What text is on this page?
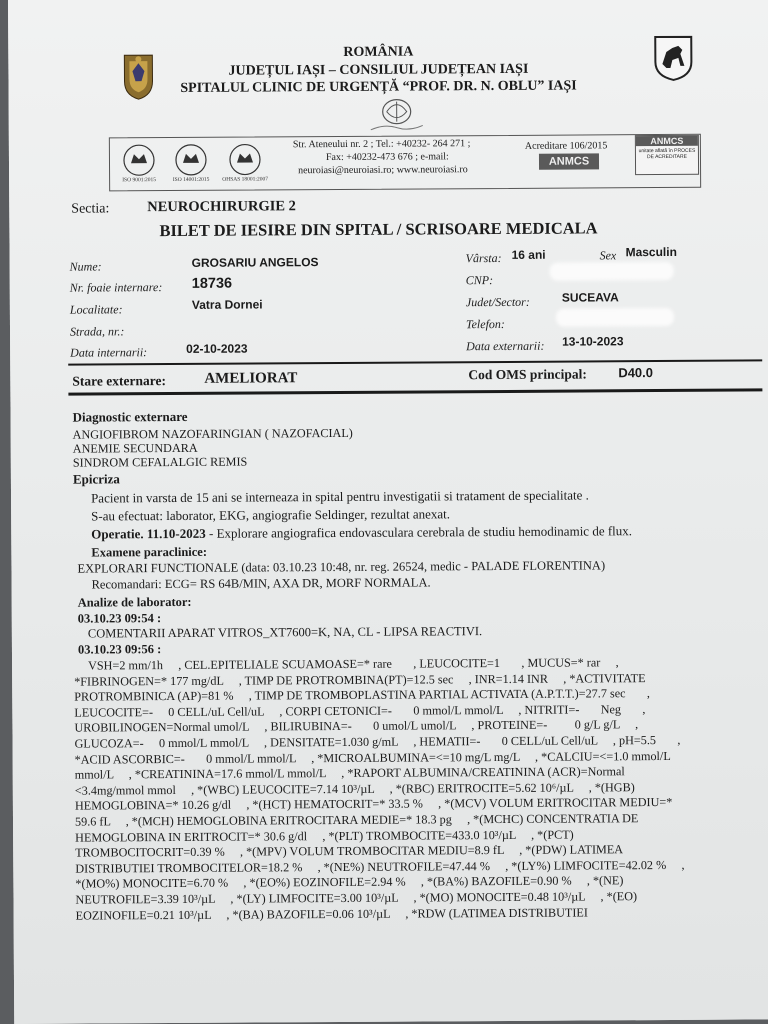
ROMÂNIA
JUDEȚUL IAȘI – CONSILIUL JUDEȚEAN IAȘI
SPITALUL CLINIC DE URGENȚĂ “PROF. DR. N. OBLU” IAȘI
ISO 9001:2015	ISO 14001:2015	OHSAS 18001:2007
Str. Ateneului nr. 2 ; Tel.: +40232- 264 271 ;
Fax: +40232-473 676 ; e-mail:
neuroiasi@neuroiasi.ro; www.neuroiasi.ro
Acreditare 106/2015
ANMCS
ANMCS
unitate aflată în PROCES DE ACREDITARE
Sectia:	NEUROCHIRURGIE 2
BILET DE IESIRE DIN SPITAL / SCRISOARE MEDICALA
Nume:	GROSARIU ANGELOS
Nr. foaie internare: 18736
Localitate:	Vatra Dornei
Strada, nr.:
Data internarii:	02-10-2023
Vârsta: 16 ani	Sex Masculin
CNP:
Judet/Sector:	SUCEAVA
Telefon:
Data externarii: 13-10-2023
Stare externare:	AMELIORAT	Cod OMS principal: D40.0
Diagnostic externare
ANGIOFIBROM NAZOFARINGIAN ( NAZOFACIAL)
ANEMIE SECUNDARA
SINDROM CEFALALGIC REMIS
Epicriza
Pacient in varsta de 15 ani se interneaza in spital pentru investigatii si tratament de specialitate .
S-au efectuat: laborator, EKG, angiografie Seldinger, rezultat anexat.
Operatie. 11.10-2023 - Explorare angiografica endovasculara cerebrala de studiu hemodinamic de flux.
Examene paraclinice:
EXPLORARI FUNCTIONALE (data: 03.10.23 10:48, nr. reg. 26524, medic - PALADE FLORENTINA)
Recomandari: ECG= RS 64B/MIN, AXA DR, MORF NORMALA.
Analize de laborator:
03.10.23 09:54 :
COMENTARII APARAT VITROS_XT7600=K, NA, CL - LIPSA REACTIVI.
03.10.23 09:56 :
VSH=2 mm/1h     , CEL.EPITELIALE SCUAMOASE=* rare       , LEUCOCITE=1       , MUCUS=* rar     ,
*FIBRINOGEN=* 177 mg/dL     , TIMP DE PROTROMBINA(PT)=12.5 sec     , INR=1.14 INR     , *ACTIVITATE
PROTROMBINICA (AP)=81 %     , TIMP DE TROMBOPLASTINA PARTIAL ACTIVATA (A.P.T.T.)=27.7 sec       ,
LEUCOCITE=-     0 CELL/uL Cell/uL     , CORPI CETONICI=-       0 mmol/L mmol/L     , NITRITI=-       Neg       ,
UROBILINOGEN=Normal umol/L     , BILIRUBINA=-       0 umol/L umol/L     , PROTEINE=-         0 g/L g/L     ,
GLUCOZA=-     0 mmol/L mmol/L     , DENSITATE=1.030 g/mL     , HEMATII=-       0 CELL/uL Cell/uL     , pH=5.5       ,
*ACID ASCORBIC=-       0 mmol/L mmol/L     , *MICROALBUMINA=<=10 mg/L mg/L     , *CALCIU=<=1.0 mmol/L
mmol/L     , *CREATININA=17.6 mmol/L mmol/L     , *RAPORT ALBUMINA/CREATININA (ACR)=Normal
<3.4mg/mmol mmol     , *(WBC) LEUCOCITE=7.14 10³/µL     , *(RBC) ERITROCITE=5.62 10⁶/µL     , *(HGB)
HEMOGLOBINA=* 10.26 g/dl     , *(HCT) HEMATOCRIT=* 33.5 %     , *(MCV) VOLUM ERITROCITAR MEDIU=*
59.6 fL     , *(MCH) HEMOGLOBINA ERITROCITARA MEDIE=* 18.3 pg     , *(MCHC) CONCENTRATIA DE
HEMOGLOBINA IN ERITROCIT=* 30.6 g/dl     , *(PLT) TROMBOCITE=433.0 10³/µL     , *(PCT)
TROMBOCITOCRIT=0.39 %     , *(MPV) VOLUM TROMBOCITAR MEDIU=8.9 fL     , *(PDW) LATIMEA
DISTRIBUTIEI TROMBOCITELOR=18.2 %     , *(NE%) NEUTROFILE=47.44 %     , *(LY%) LIMFOCITE=42.02 %     ,
*(MO%) MONOCITE=6.70 %     , *(EO%) EOZINOFILE=2.94 %     , *(BA%) BAZOFILE=0.90 %     , *(NE)
NEUTROFILE=3.39 10³/µL     , *(LY) LIMFOCITE=3.00 10³/µL     , *(MO) MONOCITE=0.48 10³/µL     , *(EO)
EOZINOFILE=0.21 10³/µL     , *(BA) BAZOFILE=0.06 10³/µL     , *RDW (LATIMEA DISTRIBUTIEI
